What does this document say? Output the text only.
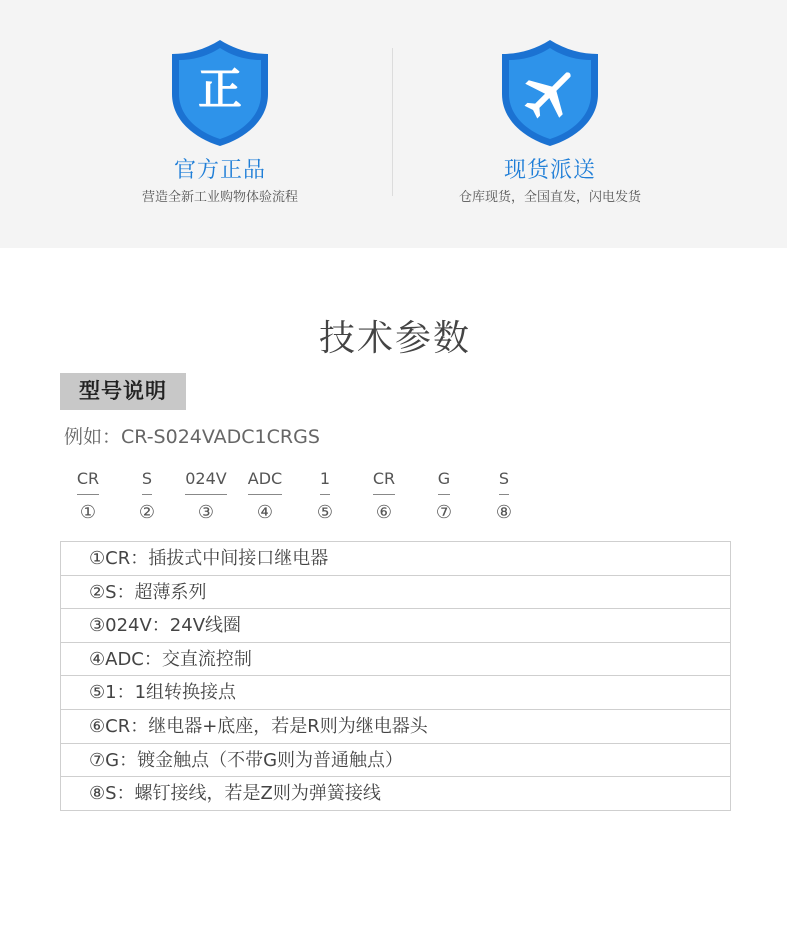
正
官方正品
营造全新工业购物体验流程
现货派送
仓库现货，全国直发，闪电发货
技术参数
型号说明
例如：CR-S024VADC1CRGS
CR
①
S
②
024V
③
ADC
④
1
⑤
CR
⑥
G
⑦
S
⑧
①CR：插拔式中间接口继电器
②S：超薄系列
③024V：24V线圈
④ADC：交直流控制
⑤1：1组转换接点
⑥CR：继电器+底座，若是R则为继电器头
⑦G：镀金触点（不带G则为普通触点）
⑧S：螺钉接线，若是Z则为弹簧接线
